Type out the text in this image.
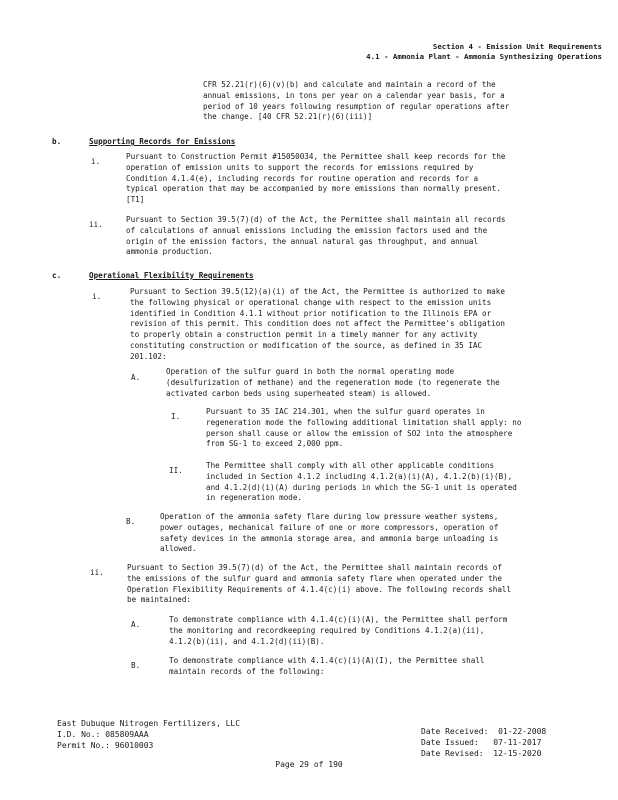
Section 4 - Emission Unit Requirements
4.1 - Ammonia Plant - Ammonia Synthesizing Operations
CFR 52.21(r)(6)(v)(b) and calculate and maintain a record of the
annual emissions, in tons per year on a calendar year basis, for a
period of 10 years following resumption of regular operations after
the change. [40 CFR 52.21(r)(6)(iii)]
b.	Supporting Records for Emissions
i.
Pursuant to Construction Permit #15050034, the Permittee shall keep records for the
operation of emission units to support the records for emissions required by
Condition 4.1.4(e), including records for routine operation and records for a
typical operation that may be accompanied by more emissions than normally present.
[T1]
ii.
Pursuant to Section 39.5(7)(d) of the Act, the Permittee shall maintain all records
of calculations of annual emissions including the emission factors used and the
origin of the emission factors, the annual natural gas throughput, and annual
ammonia production.
c.	Operational Flexibility Requirements
i.
Pursuant to Section 39.5(12)(a)(i) of the Act, the Permittee is authorized to make
the following physical or operational change with respect to the emission units
identified in Condition 4.1.1 without prior notification to the Illinois EPA or
revision of this permit. This condition does not affect the Permittee's obligation
to properly obtain a construction permit in a timely manner for any activity
constituting construction or modification of the source, as defined in 35 IAC
201.102:
A.
Operation of the sulfur guard in both the normal operating mode
(desulfurization of methane) and the regeneration mode (to regenerate the
activated carbon beds using superheated steam) is allowed.
I.
Pursuant to 35 IAC 214.301, when the sulfur guard operates in
regeneration mode the following additional limitation shall apply: no
person shall cause or allow the emission of SO2 into the atmosphere
from SG-1 to exceed 2,000 ppm.
II.
The Permittee shall comply with all other applicable conditions
included in Section 4.1.2 including 4.1.2(a)(i)(A), 4.1.2(b)(i)(B),
and 4.1.2(d)(i)(A) during periods in which the SG-1 unit is operated
in regeneration mode.
B.
Operation of the ammonia safety flare during low pressure weather systems,
power outages, mechanical failure of one or more compressors, operation of
safety devices in the ammonia storage area, and ammonia barge unloading is
allowed.
ii.
Pursuant to Section 39.5(7)(d) of the Act, the Permittee shall maintain records of
the emissions of the sulfur guard and ammonia safety flare when operated under the
Operation Flexibility Requirements of 4.1.4(c)(i) above. The following records shall
be maintained:
A.
To demonstrate compliance with 4.1.4(c)(i)(A), the Permittee shall perform
the monitoring and recordkeeping required by Conditions 4.1.2(a)(ii),
4.1.2(b)(ii), and 4.1.2(d)(ii)(B).
B.
To demonstrate compliance with 4.1.4(c)(i)(A)(I), the Permittee shall
maintain records of the following:
East Dubuque Nitrogen Fertilizers, LLC
I.D. No.: 085809AAA
Permit No.: 96010003
Date Received: 01-22-2008
Date Issued: 07-11-2017
Date Revised: 12-15-2020
Page 29 of 190
